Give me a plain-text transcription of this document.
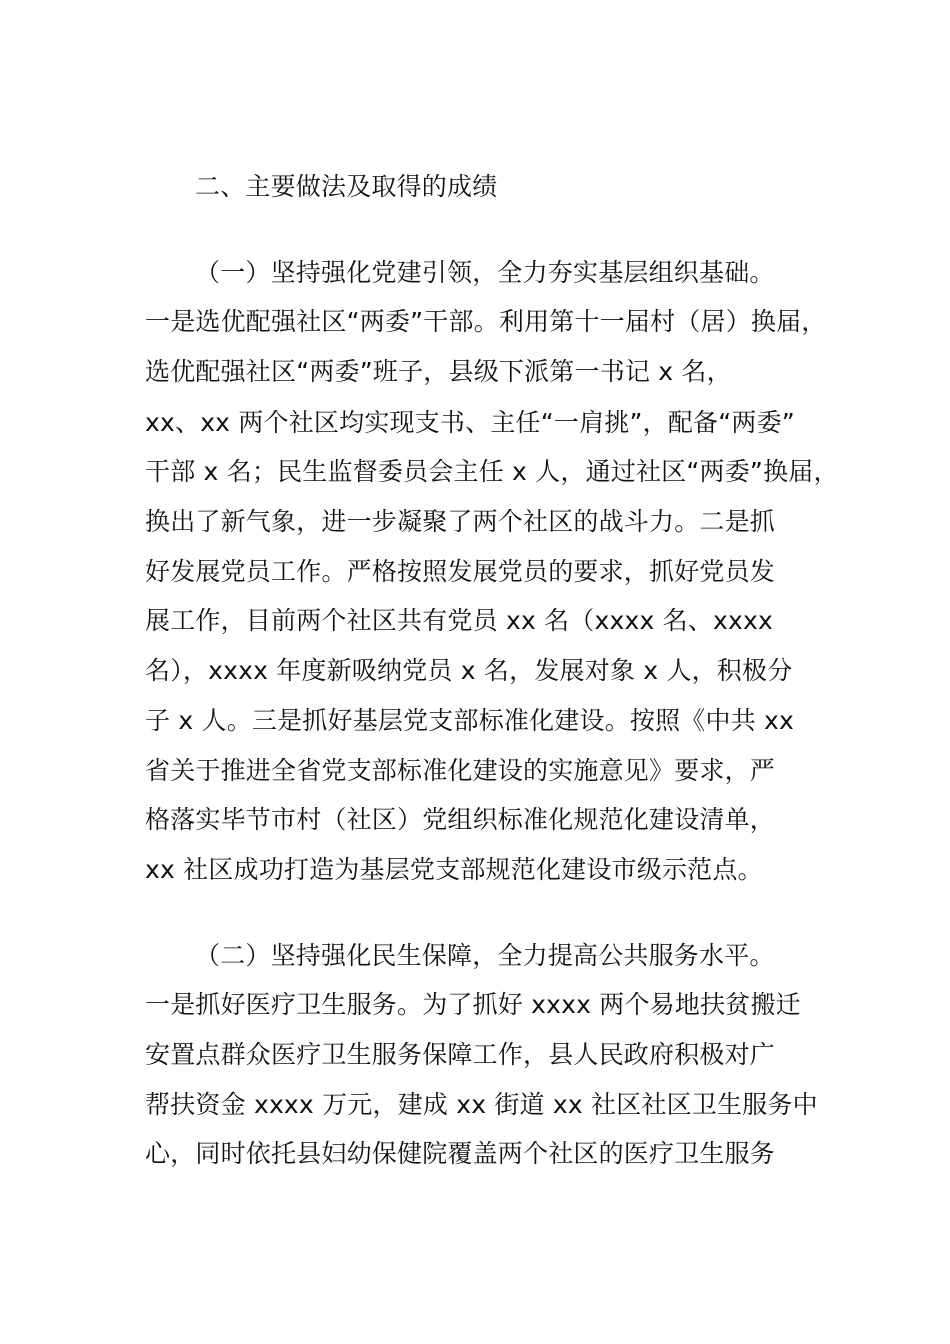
二、主要做法及取得的成绩
（一）坚持强化党建引领，全力夯实基层组织基础。
一是选优配强社区“两委”干部。利用第十一届村（居）换届，
选优配强社区“两委”班子，县级下派第一书记 x 名，
xx、xx 两个社区均实现支书、主任“一肩挑”，配备“两委”
干部 x 名；民生监督委员会主任 x 人，通过社区“两委”换届，
换出了新气象，进一步凝聚了两个社区的战斗力。二是抓
好发展党员工作。严格按照发展党员的要求，抓好党员发
展工作，目前两个社区共有党员 xx 名（xxxx 名、xxxx
名），xxxx 年度新吸纳党员 x 名，发展对象 x 人，积极分
子 x 人。三是抓好基层党支部标准化建设。按照《中共 xx
省关于推进全省党支部标准化建设的实施意见》要求，严
格落实毕节市村（社区）党组织标准化规范化建设清单，
xx 社区成功打造为基层党支部规范化建设市级示范点。
（二）坚持强化民生保障，全力提高公共服务水平。
一是抓好医疗卫生服务。为了抓好 xxxx 两个易地扶贫搬迁
安置点群众医疗卫生服务保障工作，县人民政府积极对广
帮扶资金 xxxx 万元，建成 xx 街道 xx 社区社区卫生服务中
心，同时依托县妇幼保健院覆盖两个社区的医疗卫生服务
